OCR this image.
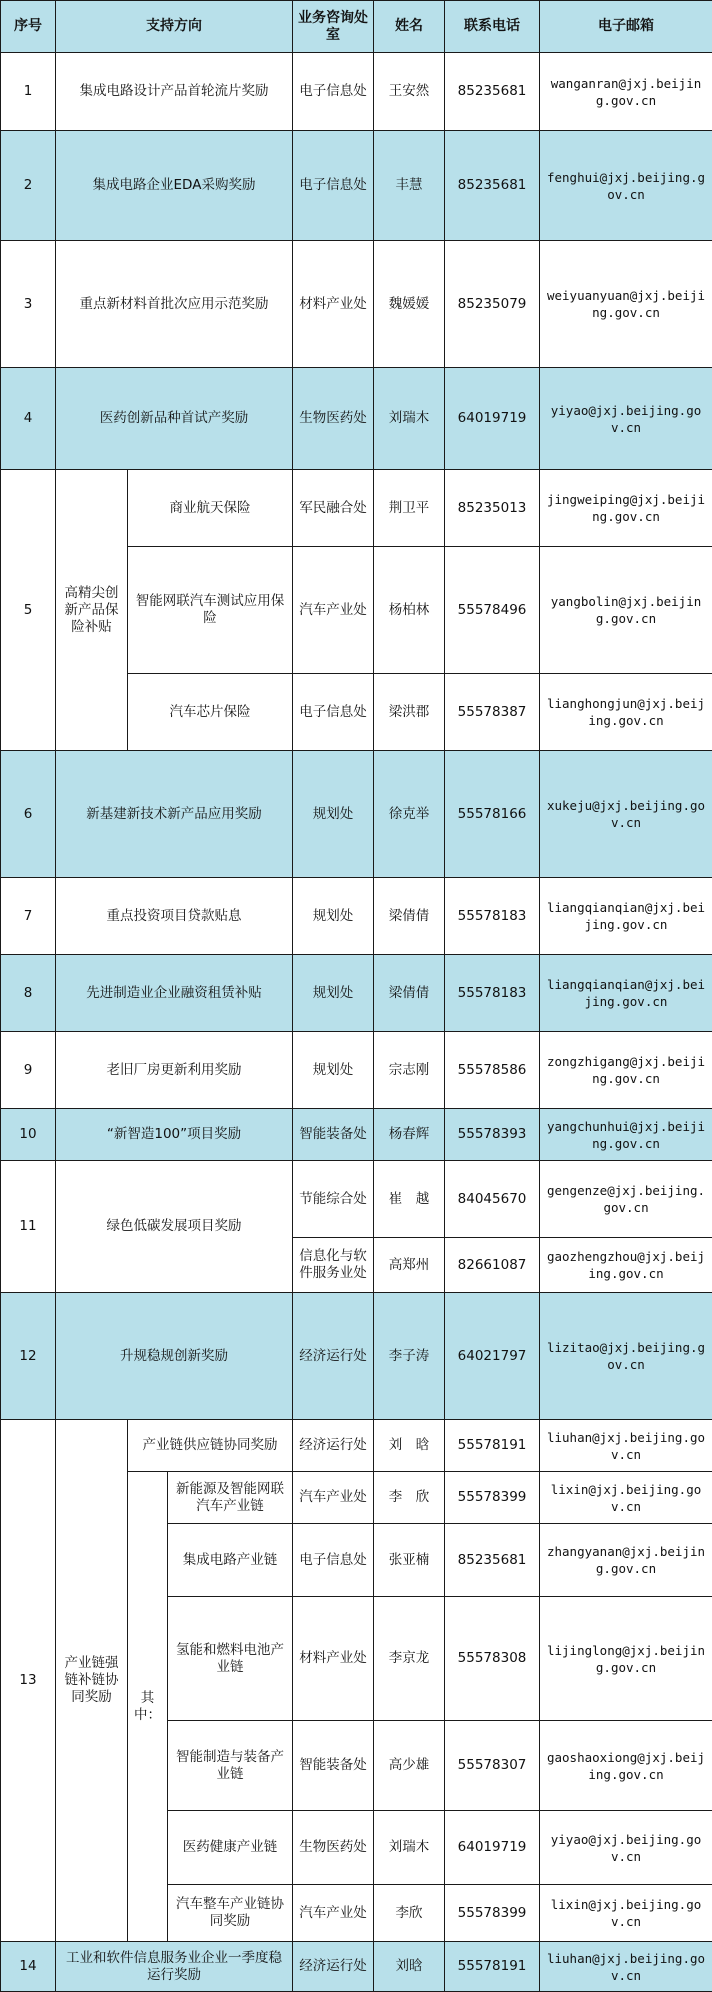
序号	支持方向			业务咨询处室	姓名	联系电话	电子邮箱
1	集成电路设计产品首轮流片奖励			电子信息处	王安然	85235681	wanganran@jxj.beijing.gov.cn
2	集成电路企业EDA采购奖励			电子信息处	丰慧	85235681	fenghui@jxj.beijing.gov.cn
3	重点新材料首批次应用示范奖励			材料产业处	魏媛媛	85235079	weiyuanyuan@jxj.beijing.gov.cn
4	医药创新品种首试产奖励			生物医药处	刘瑞木	64019719	yiyao@jxj.beijing.gov.cn
5	高精尖创新产品保险补贴	商业航天保险		军民融合处	荆卫平	85235013	jingweiping@jxj.beijing.gov.cn
		智能网联汽车测试应用保险		汽车产业处	杨柏林	55578496	yangbolin@jxj.beijing.gov.cn
		汽车芯片保险		电子信息处	梁洪郡	55578387	lianghongjun@jxj.beijing.gov.cn
6	新基建新技术新产品应用奖励			规划处	徐克举	55578166	xukeju@jxj.beijing.gov.cn
7	重点投资项目贷款贴息			规划处	梁倩倩	55578183	liangqianqian@jxj.beijing.gov.cn
8	先进制造业企业融资租赁补贴			规划处	梁倩倩	55578183	liangqianqian@jxj.beijing.gov.cn
9	老旧厂房更新利用奖励			规划处	宗志刚	55578586	zongzhigang@jxj.beijing.gov.cn
10	“新智造100”项目奖励			智能装备处	杨春辉	55578393	yangchunhui@jxj.beijing.gov.cn
11	绿色低碳发展项目奖励			节能综合处	崔　越	84045670	gengenze@jxj.beijing.gov.cn
				信息化与软件服务业处	高郑州	82661087	gaozhengzhou@jxj.beijing.gov.cn
12	升规稳规创新奖励			经济运行处	李子涛	64021797	lizitao@jxj.beijing.gov.cn
13	产业链强链补链协同奖励	产业链供应链协同奖励		经济运行处	刘　晗	55578191	liuhan@jxj.beijing.gov.cn
		其中：	新能源及智能网联汽车产业链	汽车产业处	李　欣	55578399	lixin@jxj.beijing.gov.cn
			集成电路产业链	电子信息处	张亚楠	85235681	zhangyanan@jxj.beijing.gov.cn
			氢能和燃料电池产业链	材料产业处	李京龙	55578308	lijinglong@jxj.beijing.gov.cn
			智能制造与装备产业链	智能装备处	高少雄	55578307	gaoshaoxiong@jxj.beijing.gov.cn
			医药健康产业链	生物医药处	刘瑞木	64019719	yiyao@jxj.beijing.gov.cn
			汽车整车产业链协同奖励	汽车产业处	李欣	55578399	lixin@jxj.beijing.gov.cn
14	工业和软件信息服务业企业一季度稳运行奖励			经济运行处	刘晗	55578191	liuhan@jxj.beijing.gov.cn
